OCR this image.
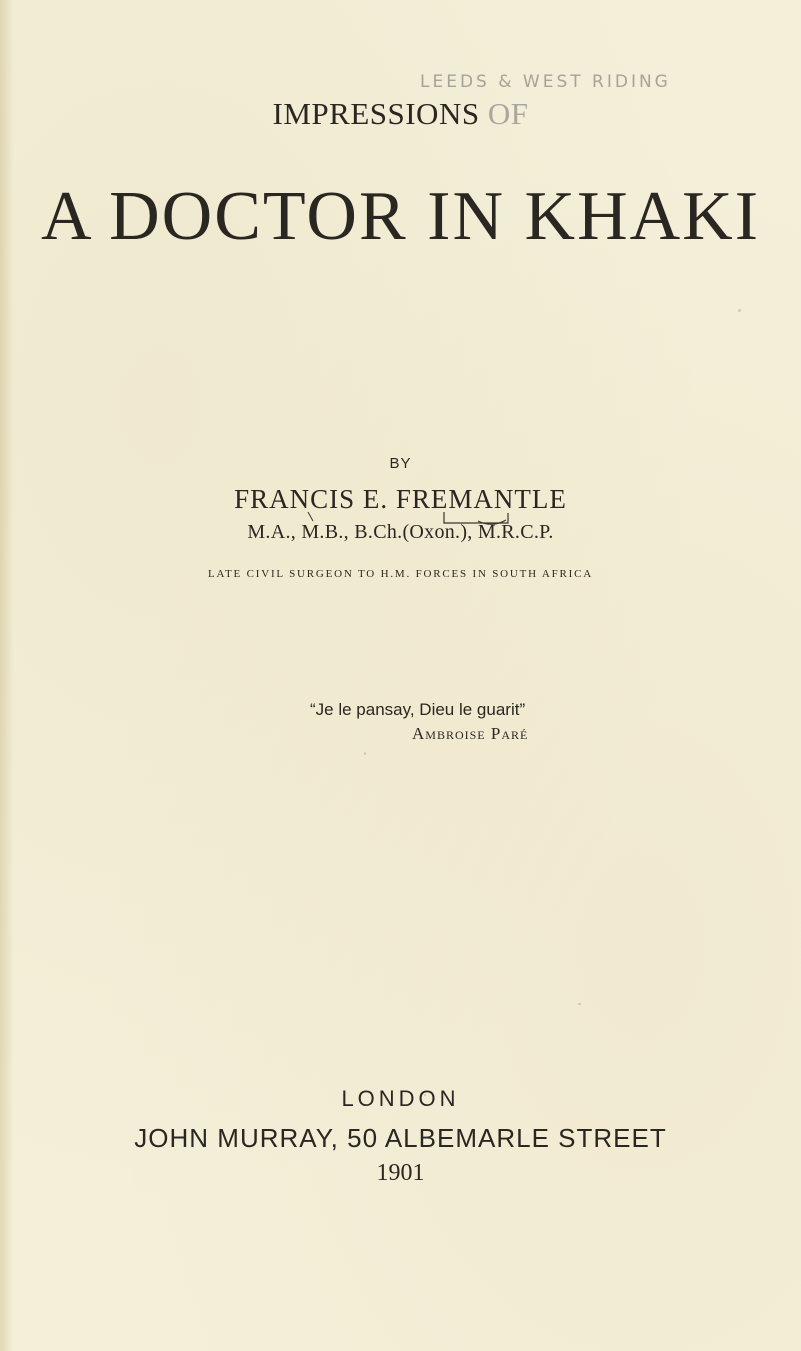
LEEDS & WEST RIDING
IMPRESSIONS OF
A DOCTOR IN KHAKI
BY
FRANCIS E. FREMANTLE
M.A., M.B., B.Ch.(Oxon.), M.R.C.P.
LATE CIVIL SURGEON TO H.M. FORCES IN SOUTH AFRICA
“Je le pansay, Dieu le guarit”
Ambroise Paré
LONDON
JOHN MURRAY, 50 ALBEMARLE STREET
1901
